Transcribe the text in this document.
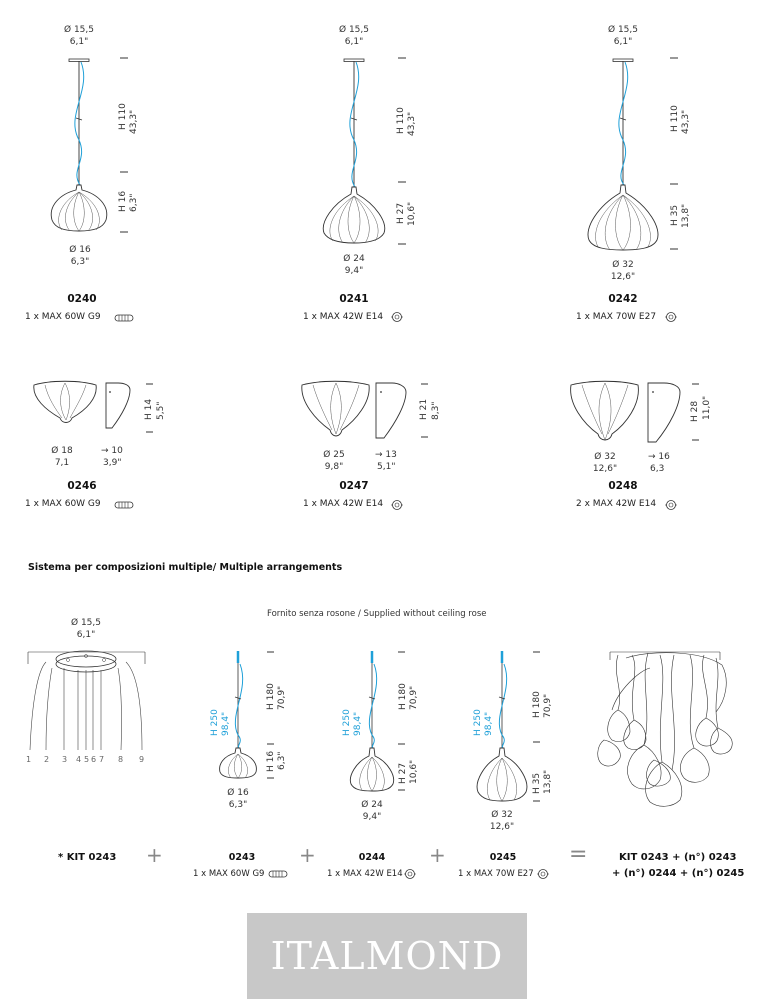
Ø 15,5
6,1"
H 110 43,3"
H 16 6,3"
Ø 16
6,3"
0240
1 x MAX 60W G9
Ø 15,5
6,1"
H 110 43,3"
H 27 10,6"
Ø 24
9,4"
0241
1 x MAX 42W E14
Ø 15,5
6,1"
H 110 43,3"
H 35 13,8"
Ø 32
12,6"
0242
1 x MAX 70W E27
H 14 5,5"
Ø 18
7,1
→ 10
3,9"
0246
1 x MAX 60W G9
H 21 8,3"
Ø 25
9,8"
→ 13
5,1"
0247
1 x MAX 42W E14
H 28 11,0"
Ø 32
12,6"
→ 16
6,3
0248
2 x MAX 42W E14
Sistema per composizioni multiple/ Multiple arrangements
Fornito senza rosone / Supplied without ceiling rose
Ø 15,5
6,1"
1 2 3 4 5 6 7 8 9
H 250 98,4"
H 180 70,9"
H 16 6,3"
Ø 16
6,3"
0243
1 x MAX 60W G9
H 250 98,4"
H 180 70,9"
H 27 10,6"
Ø 24
9,4"
0244
1 x MAX 42W E14
H 250 98,4"
H 180 70,9"
H 35 13,8"
Ø 32
12,6"
0245
1 x MAX 70W E27
* KIT 0243 +	+	+	=	KIT 0243 + (n°) 0243
+ (n°) 0244 + (n°) 0245
ITALMOND
